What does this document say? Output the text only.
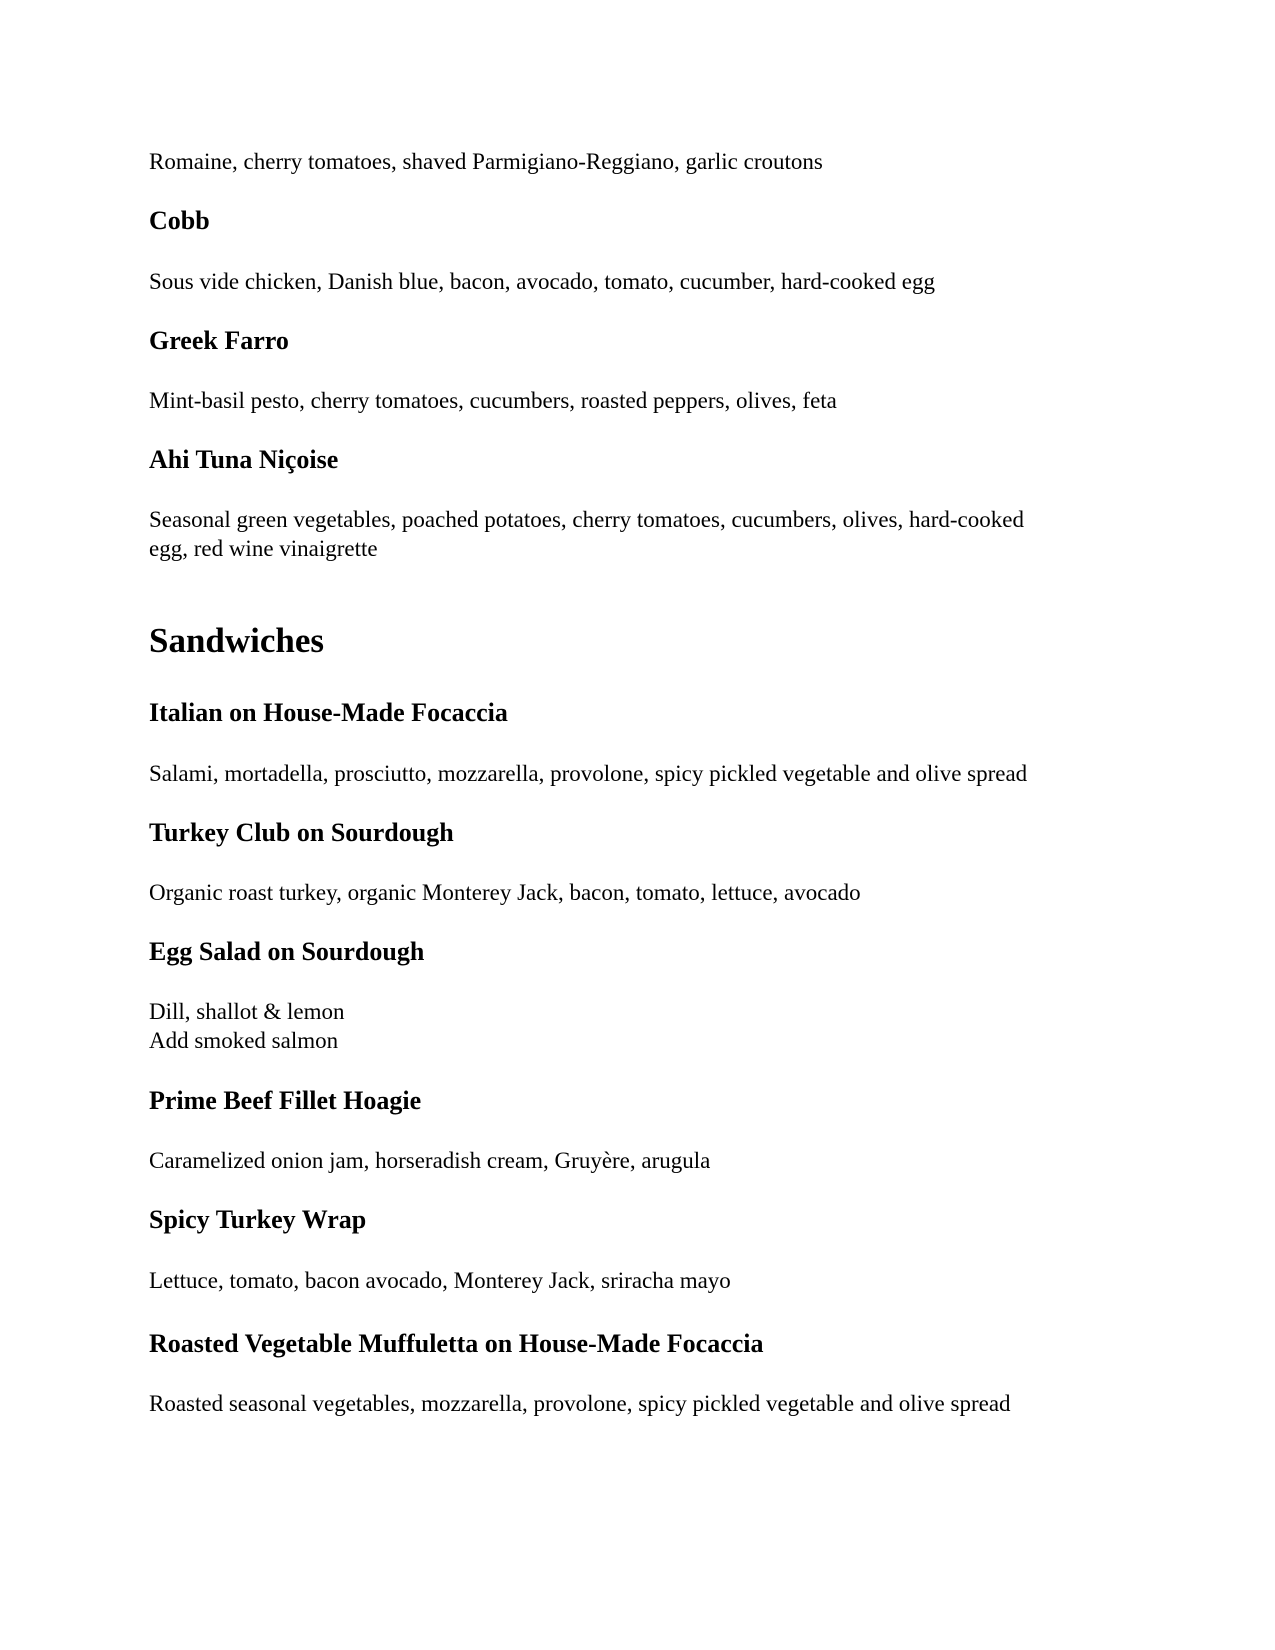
Romaine, cherry tomatoes, shaved Parmigiano-Reggiano, garlic croutons

Cobb

Sous vide chicken, Danish blue, bacon, avocado, tomato, cucumber, hard-cooked egg

Greek Farro

Mint-basil pesto, cherry tomatoes, cucumbers, roasted peppers, olives, feta

Ahi Tuna Niçoise

Seasonal green vegetables, poached potatoes, cherry tomatoes, cucumbers, olives, hard-cooked
egg, red wine vinaigrette

Sandwiches
Italian on House-Made Focaccia

Salami, mortadella, prosciutto, mozzarella, provolone, spicy pickled vegetable and olive spread

Turkey Club on Sourdough

Organic roast turkey, organic Monterey Jack, bacon, tomato, lettuce, avocado

Egg Salad on Sourdough

Dill, shallot & lemon
Add smoked salmon

Prime Beef Fillet Hoagie

Caramelized onion jam, horseradish cream, Gruyère, arugula

Spicy Turkey Wrap

Lettuce, tomato, bacon avocado, Monterey Jack, sriracha mayo

Roasted Vegetable Muffuletta on House-Made Focaccia

Roasted seasonal vegetables, mozzarella, provolone, spicy pickled vegetable and olive spread
